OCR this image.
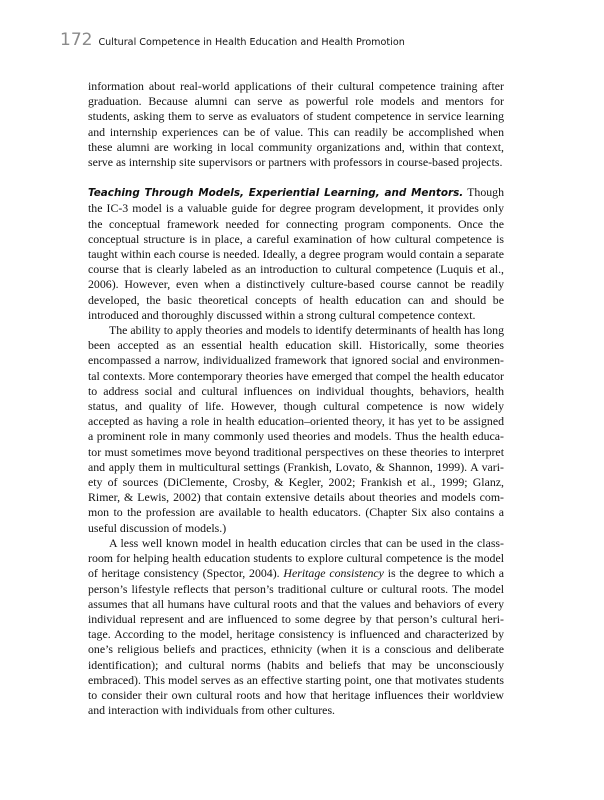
172 Cultural Competence in Health Education and Health Promotion

information about real-world applications of their cultural competence training after graduation. Because alumni can serve as powerful role models and mentors for students, asking them to serve as evaluators of student competence in service learning and internship experiences can be of value. This can readily be accomplished when these alumni are working in local community organizations and, within that context, serve as internship site supervisors or partners with professors in course-based projects.

Teaching Through Models, Experiential Learning, and Mentors. Though the IC-3 model is a valuable guide for degree program development, it provides only the conceptual framework needed for connecting program components. Once the conceptual structure is in place, a careful examination of how cultural competence is taught within each course is needed. Ideally, a degree program would contain a separate course that is clearly labeled as an introduction to cultural competence (Luquis et al., 2006). However, even when a distinctively culture-based course cannot be readily developed, the basic theoretical concepts of health education can and should be introduced and thoroughly discussed within a strong cultural competence context.

The ability to apply theories and models to identify determinants of health has long been accepted as an essential health education skill. Historically, some theories encompassed a narrow, individualized framework that ignored social and environmental contexts. More contemporary theories have emerged that compel the health educator to address social and cultural influences on individual thoughts, behaviors, health status, and quality of life. However, though cultural competence is now widely accepted as having a role in health education–oriented theory, it has yet to be assigned a prominent role in many commonly used theories and models. Thus the health educator must sometimes move beyond traditional perspectives on these theories to interpret and apply them in multicultural settings (Frankish, Lovato, & Shannon, 1999). A variety of sources (DiClemente, Crosby, & Kegler, 2002; Frankish et al., 1999; Glanz, Rimer, & Lewis, 2002) that contain extensive details about theories and models common to the profession are available to health educators. (Chapter Six also contains a useful discussion of models.)

A less well known model in health education circles that can be used in the classroom for helping health education students to explore cultural competence is the model of heritage consistency (Spector, 2004). Heritage consistency is the degree to which a person’s lifestyle reflects that person’s traditional culture or cultural roots. The model assumes that all humans have cultural roots and that the values and behaviors of every individual represent and are influenced to some degree by that person’s cultural heritage. According to the model, heritage consistency is influenced and characterized by one’s religious beliefs and practices, ethnicity (when it is a conscious and deliberate identification); and cultural norms (habits and beliefs that may be unconsciously embraced). This model serves as an effective starting point, one that motivates students to consider their own cultural roots and how that heritage influences their worldview and interaction with individuals from other cultures.
